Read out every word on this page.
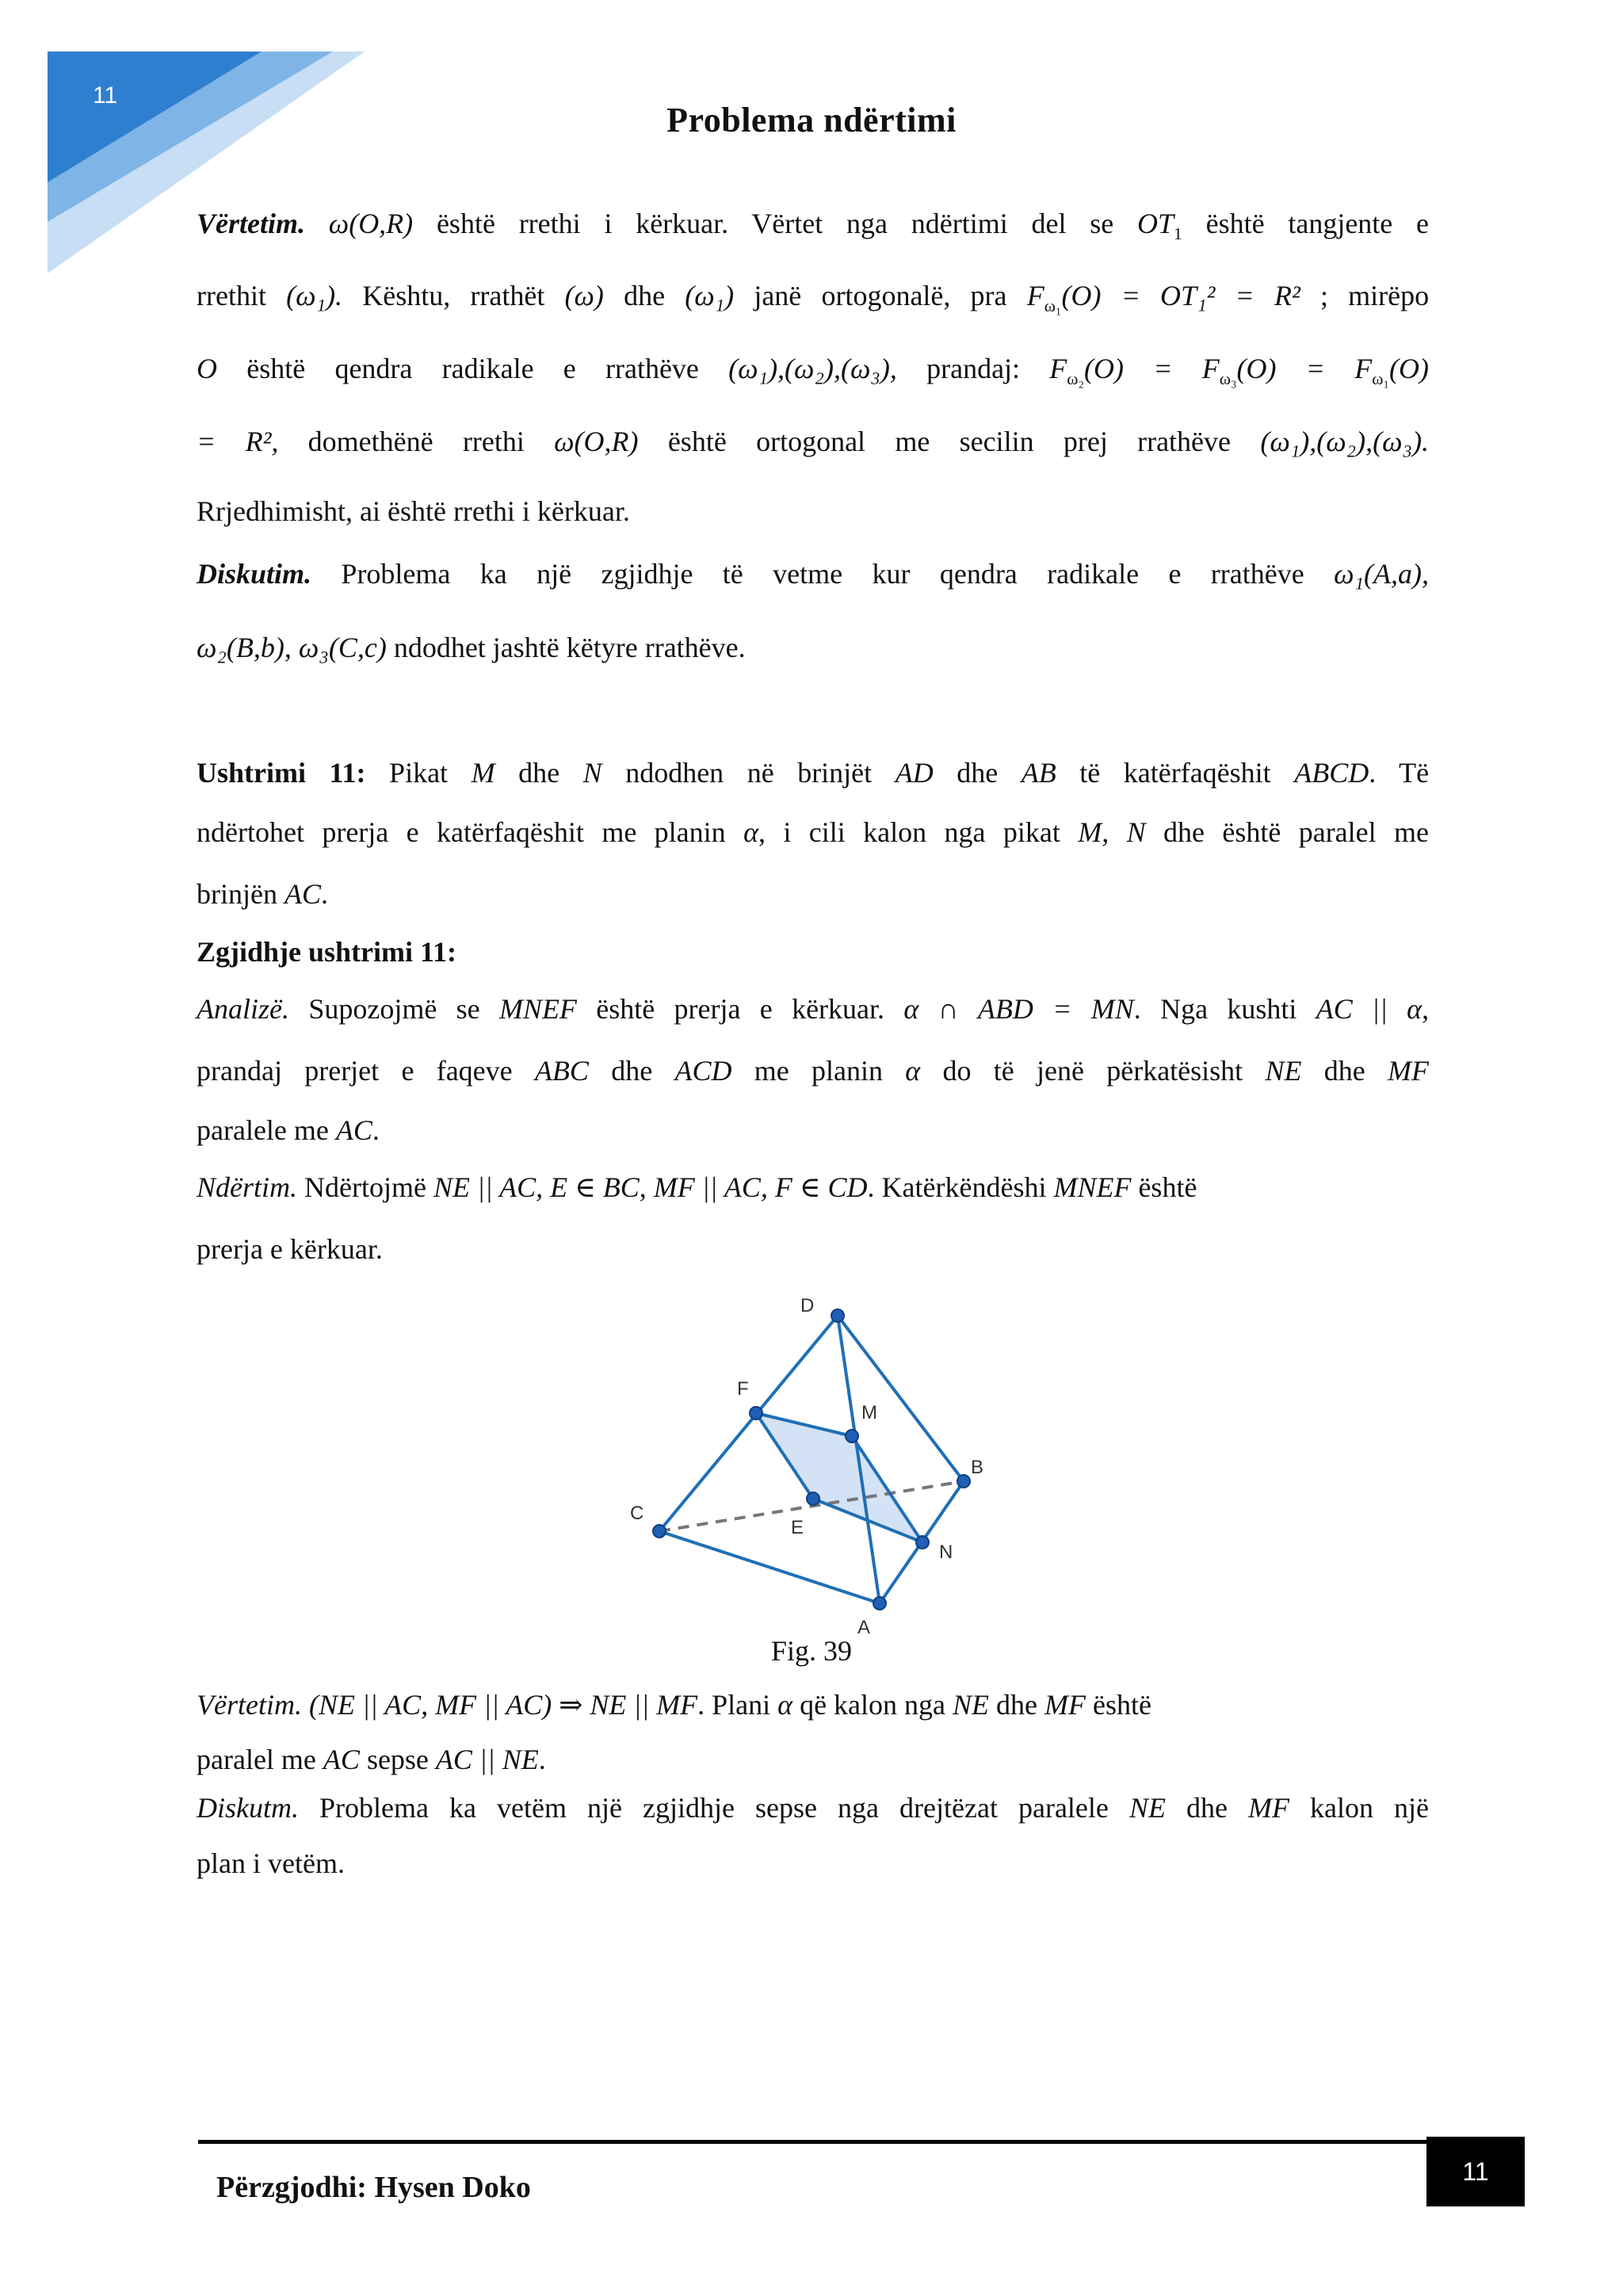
11
Problema ndërtimi
Vërtetim. ω(O,R) është rrethi i kërkuar. Vërtet nga ndërtimi del se $OT_1$ është tangjente e
rrethit (ω₁). Kështu, rrathët (ω) dhe (ω₁) janë ortogonalë, pra $F_{\omega_1}(O) = OT_1^2 = R^2$ ; mirëpo
O është qendra radikale e rrathëve (ω₁),(ω₂),(ω₃), prandaj: $F_{\omega_2}(O) = F_{\omega_3}(O) = F_{\omega_1}(O)$
= R², domethënë rrethi ω(O,R) është ortogonal me secilin prej rrathëve (ω₁),(ω₂),(ω₃).
Rrjedhimisht, ai është rrethi i kërkuar.
Diskutim. Problema ka një zgjidhje të vetme kur qendra radikale e rrathëve ω₁(A,a),
ω₂(B,b), ω₃(C,c) ndodhet jashtë këtyre rrathëve.
Ushtrimi 11: Pikat M dhe N ndodhen në brinjët AD dhe AB të katërfaqëshit ABCD. Të
ndërtohet prerja e katërfaqëshit me planin α, i cili kalon nga pikat M, N dhe është paralel me
brinjën AC.
Zgjidhje ushtrimi 11:
Analizë. Supozojmë se MNEF është prerja e kërkuar. α ∩ ABD = MN. Nga kushti AC || α,
prandaj prerjet e faqeve ABC dhe ACD me planin α do të jenë përkatësisht NE dhe MF
paralele me AC.
Ndërtim. Ndërtojmë NE || AC, E ∈ BC, MF || AC, F ∈ CD. Katërkëndëshi MNEF është
prerja e kërkuar.
Vërtetim. (NE || AC, MF || AC) ⇒ NE || MF. Plani α që kalon nga NE dhe MF është
paralel me AC sepse AC || NE.
Diskutm. Problema ka vetëm një zgjidhje sepse nga drejtëzat paralele NE dhe MF kalon një
plan i vetëm.
D
F
M
B
C
E
N
A
Fig. 39
Përzgjodhi: Hysen Doko	11
